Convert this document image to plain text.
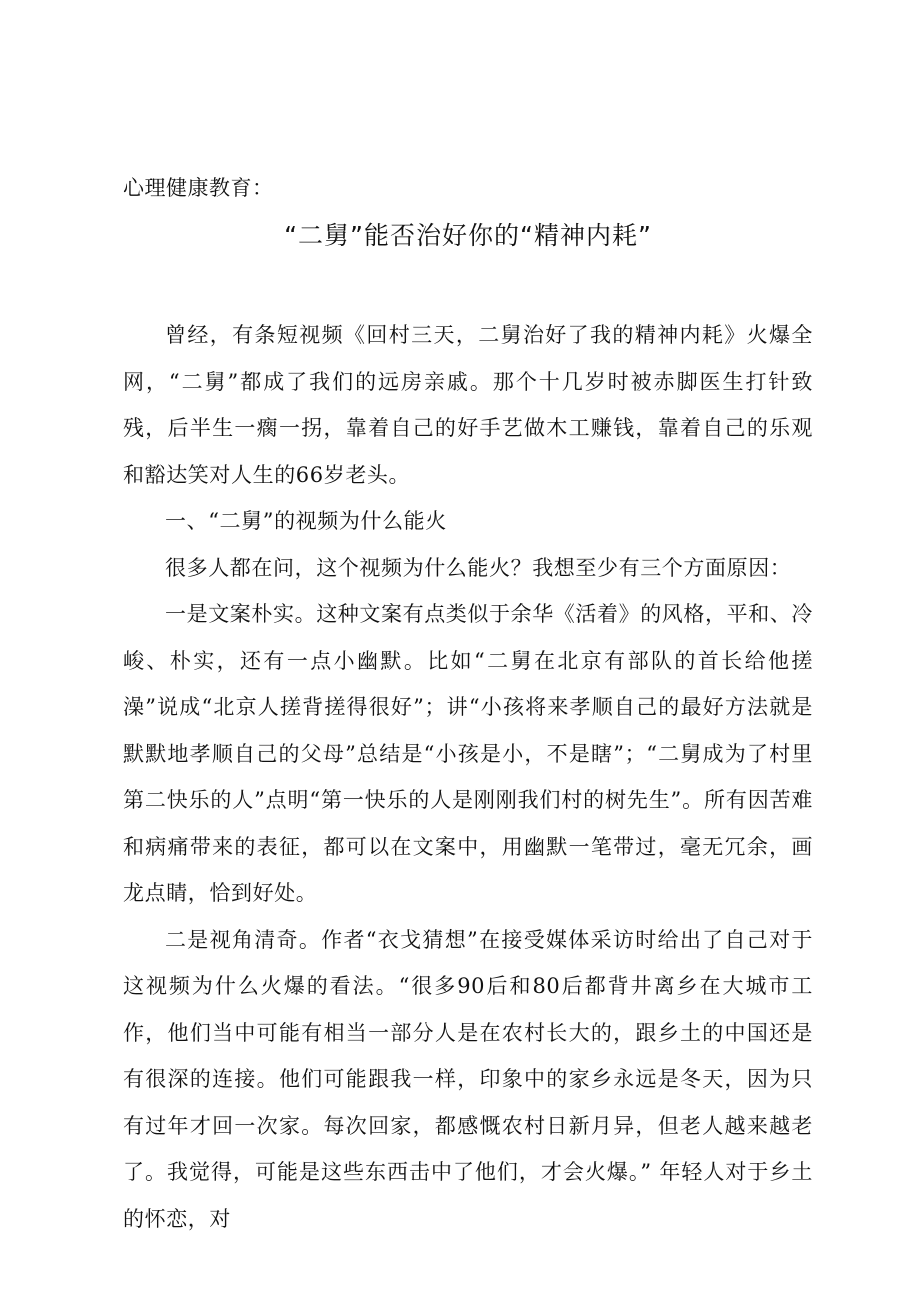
心理健康教育：

“二舅”能否治好你的“精神内耗”

曾经，有条短视频《回村三天，二舅治好了我的精神内耗》火爆全网，“二舅”都成了我们的远房亲戚。那个十几岁时被赤脚医生打针致残，后半生一瘸一拐，靠着自己的好手艺做木工赚钱，靠着自己的乐观和豁达笑对人生的66岁老头。

一、“二舅”的视频为什么能火

很多人都在问，这个视频为什么能火？我想至少有三个方面原因：

一是文案朴实。这种文案有点类似于余华《活着》的风格，平和、冷峻、朴实，还有一点小幽默。比如“二舅在北京有部队的首长给他搓澡”说成“北京人搓背搓得很好”；讲“小孩将来孝顺自己的最好方法就是默默地孝顺自己的父母”总结是“小孩是小，不是瞎”；“二舅成为了村里第二快乐的人”点明“第一快乐的人是刚刚我们村的树先生”。所有因苦难和病痛带来的表征，都可以在文案中，用幽默一笔带过，毫无冗余，画龙点睛，恰到好处。

二是视角清奇。作者“衣戈猜想”在接受媒体采访时给出了自己对于这视频为什么火爆的看法。“很多90后和80后都背井离乡在大城市工作，他们当中可能有相当一部分人是在农村长大的，跟乡土的中国还是有很深的连接。他们可能跟我一样，印象中的家乡永远是冬天，因为只有过年才回一次家。每次回家，都感慨农村日新月异，但老人越来越老了。我觉得，可能是这些东西击中了他们，才会火爆。” 年轻人对于乡土的怀恋，对
